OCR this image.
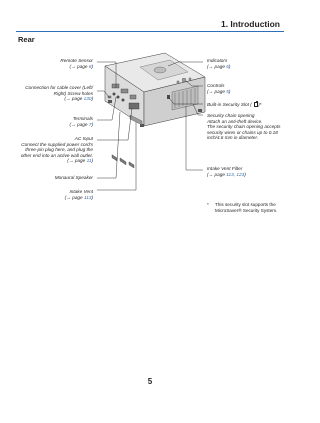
1. Introduction
Rear
Remote Sensor
(→ page 8)
Connection for cable cover (Left/
Right) Screw holes
(→ page 130)
Terminals
(→ page 7)
AC Input
Connect the supplied power cord's
three-pin plug here, and plug the
other end into an active wall outlet.
(→ page 11)
Monaural Speaker
Intake Vent
(→ page 113)
Indicators
(→ page 6)
Controls
(→ page 5)
Built-in Security Slot (
)*
Security chain opening
Attach an anti-theft device.
The security chain opening accepts
security wires or chains up to 0.18
inch/4.6 mm in diameter.
Intake Vent Filter
(→ page 113, 123)
*	This security slot supports the MicroSaver® Security System.
5
